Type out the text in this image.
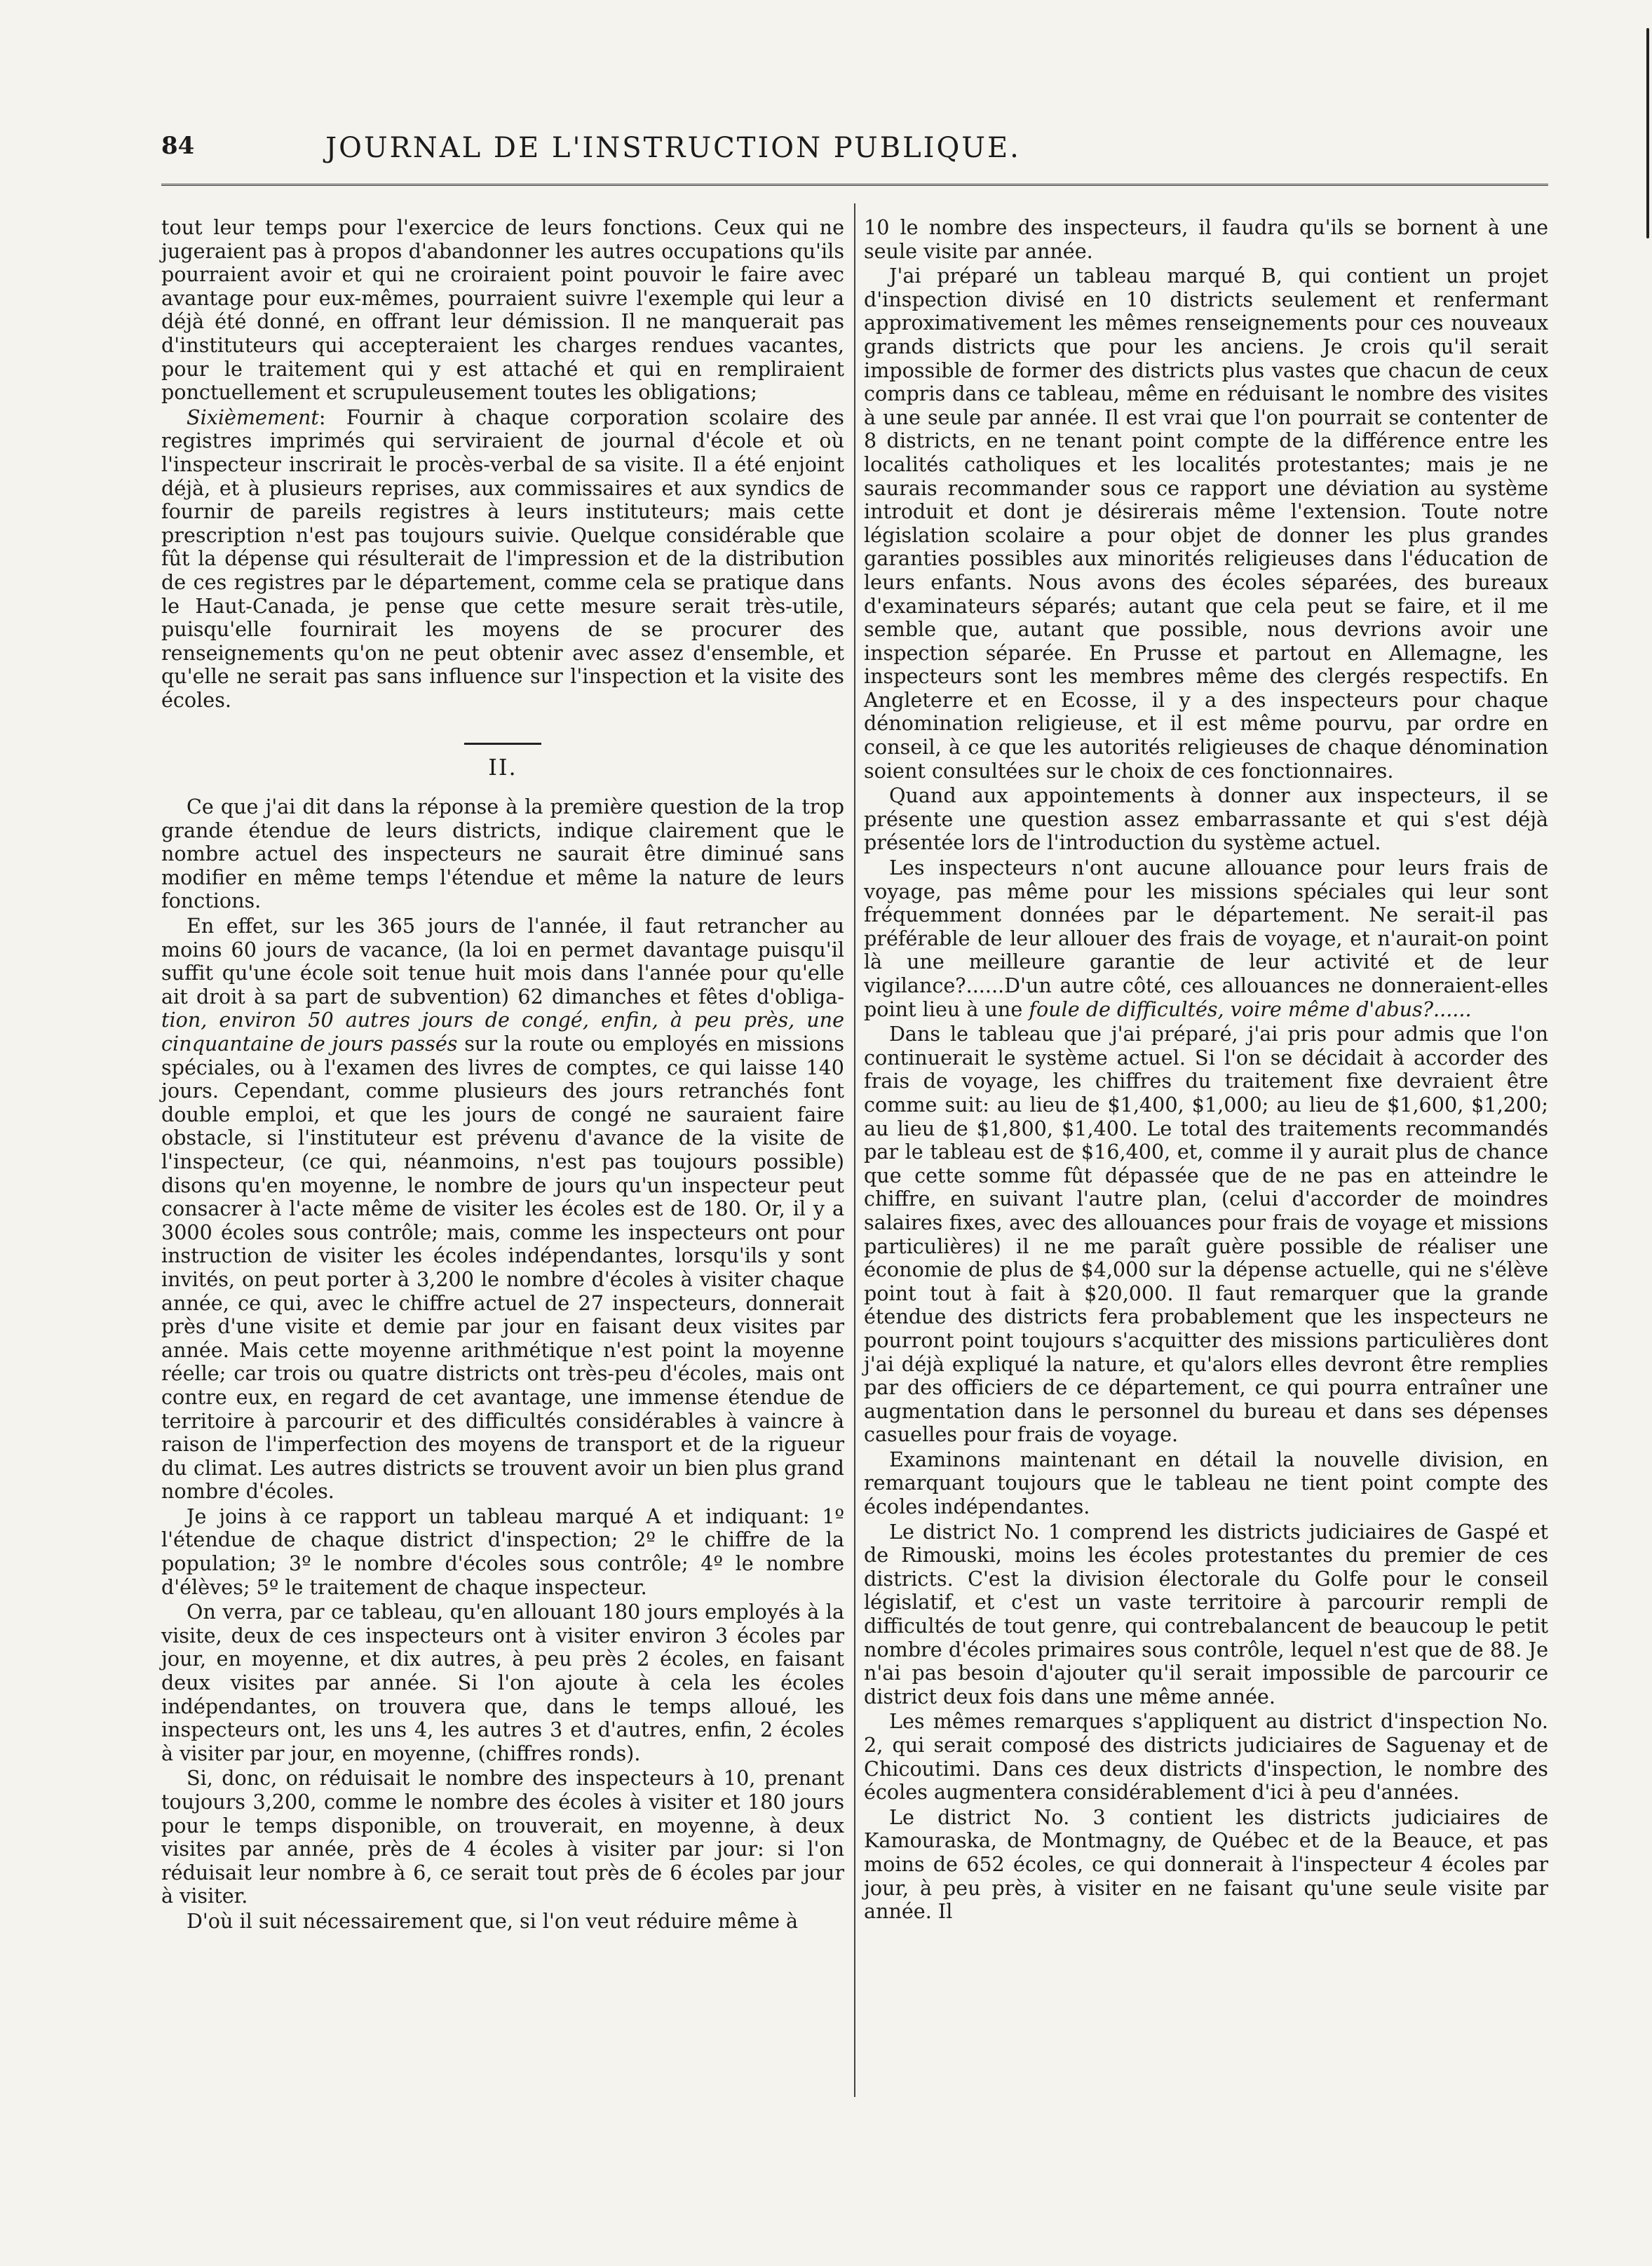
84	JOURNAL DE L'INSTRUCTION PUBLIQUE.

tout leur temps pour l'exercice de leurs fonctions. Ceux qui ne jugeraient pas à propos d'abandonner les autres occupations qu'ils pourraient avoir et qui ne croiraient point pouvoir le faire avec avantage pour eux-mêmes, pourraient suivre l'exemple qui leur a déjà été donné, en offrant leur démission. Il ne manquerait pas d'instituteurs qui accepteraient les charges rendues vacantes, pour le traitement qui y est attaché et qui en rempliraient ponctuellement et scrupuleusement toutes les obligations;

Sixièmement: Fournir à chaque corporation scolaire des registres imprimés qui serviraient de journal d'école et où l'inspecteur inscrirait le procès-verbal de sa visite. Il a été enjoint déjà, et à plusieurs reprises, aux commissaires et aux syndics de fournir de pareils registres à leurs instituteurs; mais cette prescription n'est pas toujours suivie. Quelque considérable que fût la dépense qui résulterait de l'impression et de la distribution de ces registres par le département, comme cela se pratique dans le Haut-Canada, je pense que cette mesure serait très-utile, puisqu'elle fournirait les moyens de se procurer des renseignements qu'on ne peut obtenir avec assez d'ensemble, et qu'elle ne serait pas sans influence sur l'inspection et la visite des écoles.

II.

Ce que j'ai dit dans la réponse à la première question de la trop grande étendue de leurs districts, indique clairement que le nombre actuel des inspecteurs ne saurait être diminué sans modifier en même temps l'étendue et même la nature de leurs fonctions.

En effet, sur les 365 jours de l'année, il faut retrancher au moins 60 jours de vacance, (la loi en permet davantage puisqu'il suffit qu'une école soit tenue huit mois dans l'année pour qu'elle ait droit à sa part de subvention) 62 dimanches et fêtes d'obliga- tion, environ 50 autres jours de congé, enfin, à peu près, une cinquantaine de jours passés sur la route ou employés en missions spéciales, ou à l'examen des livres de comptes, ce qui laisse 140 jours. Cependant, comme plusieurs des jours retranchés font double emploi, et que les jours de congé ne sauraient faire obstacle, si l'instituteur est prévenu d'avance de la visite de l'inspecteur, (ce qui, néanmoins, n'est pas toujours possible) disons qu'en moyenne, le nombre de jours qu'un inspecteur peut consacrer à l'acte même de visiter les écoles est de 180. Or, il y a 3000 écoles sous contrôle; mais, comme les inspecteurs ont pour instruction de visiter les écoles indépendantes, lorsqu'ils y sont invités, on peut porter à 3,200 le nombre d'écoles à visiter chaque année, ce qui, avec le chiffre actuel de 27 inspecteurs, donnerait près d'une visite et demie par jour en faisant deux visites par année. Mais cette moyenne arithmétique n'est point la moyenne réelle; car trois ou quatre districts ont très-peu d'écoles, mais ont contre eux, en regard de cet avantage, une immense étendue de territoire à parcourir et des difficultés considérables à vaincre à raison de l'imperfection des moyens de transport et de la rigueur du climat. Les autres districts se trouvent avoir un bien plus grand nombre d'écoles.

Je joins à ce rapport un tableau marqué A et indiquant: 1º l'étendue de chaque district d'inspection; 2º le chiffre de la population; 3º le nombre d'écoles sous contrôle; 4º le nombre d'élèves; 5º le traitement de chaque inspecteur.

On verra, par ce tableau, qu'en allouant 180 jours employés à la visite, deux de ces inspecteurs ont à visiter environ 3 écoles par jour, en moyenne, et dix autres, à peu près 2 écoles, en faisant deux visites par année. Si l'on ajoute à cela les écoles indépendantes, on trouvera que, dans le temps alloué, les inspecteurs ont, les uns 4, les autres 3 et d'autres, enfin, 2 écoles à visiter par jour, en moyenne, (chiffres ronds).

Si, donc, on réduisait le nombre des inspecteurs à 10, prenant toujours 3,200, comme le nombre des écoles à visiter et 180 jours pour le temps disponible, on trouverait, en moyenne, à deux visites par année, près de 4 écoles à visiter par jour: si l'on réduisait leur nombre à 6, ce serait tout près de 6 écoles par jour à visiter.

D'où il suit nécessairement que, si l'on veut réduire même à

10 le nombre des inspecteurs, il faudra qu'ils se bornent à une seule visite par année.

J'ai préparé un tableau marqué B, qui contient un projet d'inspection divisé en 10 districts seulement et renfermant approximativement les mêmes renseignements pour ces nouveaux grands districts que pour les anciens. Je crois qu'il serait impossible de former des districts plus vastes que chacun de ceux compris dans ce tableau, même en réduisant le nombre des visites à une seule par année. Il est vrai que l'on pourrait se contenter de 8 districts, en ne tenant point compte de la différence entre les localités catholiques et les localités protestantes; mais je ne saurais recommander sous ce rapport une déviation au système introduit et dont je désirerais même l'extension. Toute notre législation scolaire a pour objet de donner les plus grandes garanties possibles aux minorités religieuses dans l'éducation de leurs enfants. Nous avons des écoles séparées, des bureaux d'examinateurs séparés; autant que cela peut se faire, et il me semble que, autant que possible, nous devrions avoir une inspection séparée. En Prusse et partout en Allemagne, les inspecteurs sont les membres même des clergés respectifs. En Angleterre et en Ecosse, il y a des inspecteurs pour chaque dénomination religieuse, et il est même pourvu, par ordre en conseil, à ce que les autorités religieuses de chaque dénomination soient consultées sur le choix de ces fonctionnaires.

Quand aux appointements à donner aux inspecteurs, il se présente une question assez embarrassante et qui s'est déjà présentée lors de l'introduction du système actuel.

Les inspecteurs n'ont aucune allouance pour leurs frais de voyage, pas même pour les missions spéciales qui leur sont fréquemment données par le département. Ne serait-il pas préférable de leur allouer des frais de voyage, et n'aurait-on point là une meilleure garantie de leur activité et de leur vigilance?......D'un autre côté, ces allouances ne donneraient-elles point lieu à une foule de difficultés, voire même d'abus?......

Dans le tableau que j'ai préparé, j'ai pris pour admis que l'on continuerait le système actuel. Si l'on se décidait à accorder des frais de voyage, les chiffres du traitement fixe devraient être comme suit: au lieu de $1,400, $1,000; au lieu de $1,600, $1,200; au lieu de $1,800, $1,400. Le total des traitements recommandés par le tableau est de $16,400, et, comme il y aurait plus de chance que cette somme fût dépassée que de ne pas en atteindre le chiffre, en suivant l'autre plan, (celui d'accorder de moindres salaires fixes, avec des allouances pour frais de voyage et missions particulières) il ne me paraît guère possible de réaliser une économie de plus de $4,000 sur la dépense actuelle, qui ne s'élève point tout à fait à $20,000. Il faut remarquer que la grande étendue des districts fera probablement que les inspecteurs ne pourront point toujours s'acquitter des missions particulières dont j'ai déjà expliqué la nature, et qu'alors elles devront être remplies par des officiers de ce département, ce qui pourra entraîner une augmentation dans le personnel du bureau et dans ses dépenses casuelles pour frais de voyage.

Examinons maintenant en détail la nouvelle division, en remarquant toujours que le tableau ne tient point compte des écoles indépendantes.

Le district No. 1 comprend les districts judiciaires de Gaspé et de Rimouski, moins les écoles protestantes du premier de ces districts. C'est la division électorale du Golfe pour le conseil législatif, et c'est un vaste territoire à parcourir rempli de difficultés de tout genre, qui contrebalancent de beaucoup le petit nombre d'écoles primaires sous contrôle, lequel n'est que de 88. Je n'ai pas besoin d'ajouter qu'il serait impossible de parcourir ce district deux fois dans une même année.

Les mêmes remarques s'appliquent au district d'inspection No. 2, qui serait composé des districts judiciaires de Saguenay et de Chicoutimi. Dans ces deux districts d'inspection, le nombre des écoles augmentera considérablement d'ici à peu d'années.

Le district No. 3 contient les districts judiciaires de Kamouraska, de Montmagny, de Québec et de la Beauce, et pas moins de 652 écoles, ce qui donnerait à l'inspecteur 4 écoles par jour, à peu près, à visiter en ne faisant qu'une seule visite par année. Il
